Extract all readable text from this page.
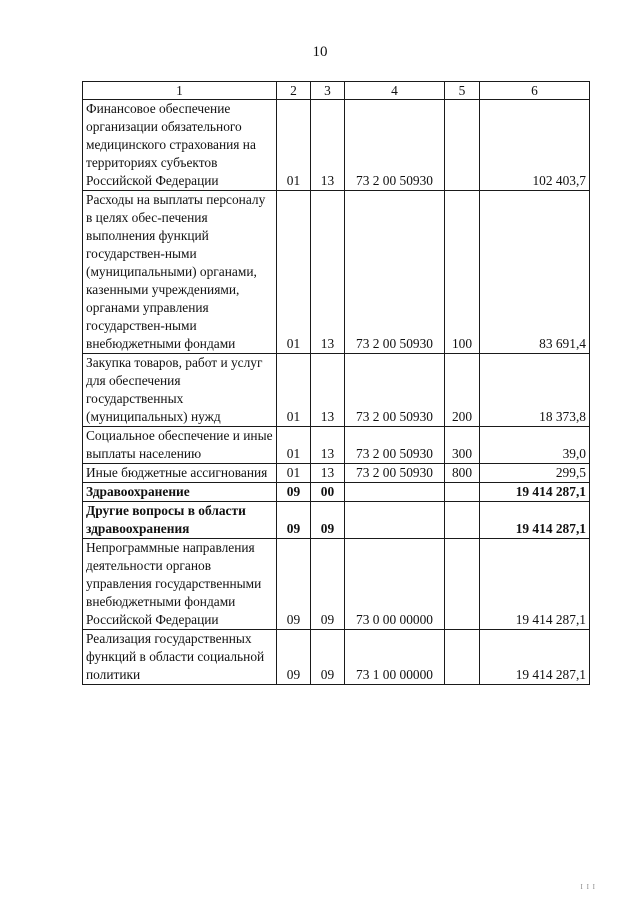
10
1	2	3	4	5	6
Финансовое обеспечение организации обязательного медицинского страхования на территориях субъектов Российской Федерации	01	13	73 2 00 50930		102 403,7
Расходы на выплаты персоналу в целях обес-печения выполнения функций государствен-ными (муниципальными) органами, казенными учреждениями, органами управления государствен-ными внебюджетными фондами	01	13	73 2 00 50930	100	83 691,4
Закупка товаров, работ и услуг для обеспечения государственных (муниципальных) нужд	01	13	73 2 00 50930	200	18 373,8
Социальное обеспечение и иные выплаты населению	01	13	73 2 00 50930	300	39,0
Иные бюджетные ассигнования	01	13	73 2 00 50930	800	299,5
Здравоохранение	09	00			19 414 287,1
Другие вопросы в области здравоохранения	09	09			19 414 287,1
Непрограммные направления деятельности органов управления государственными внебюджетными фондами Российской Федерации	09	09	73 0 00 00000		19 414 287,1
Реализация государственных функций в области социальной политики	09	09	73 1 00 00000		19 414 287,1
I I I
